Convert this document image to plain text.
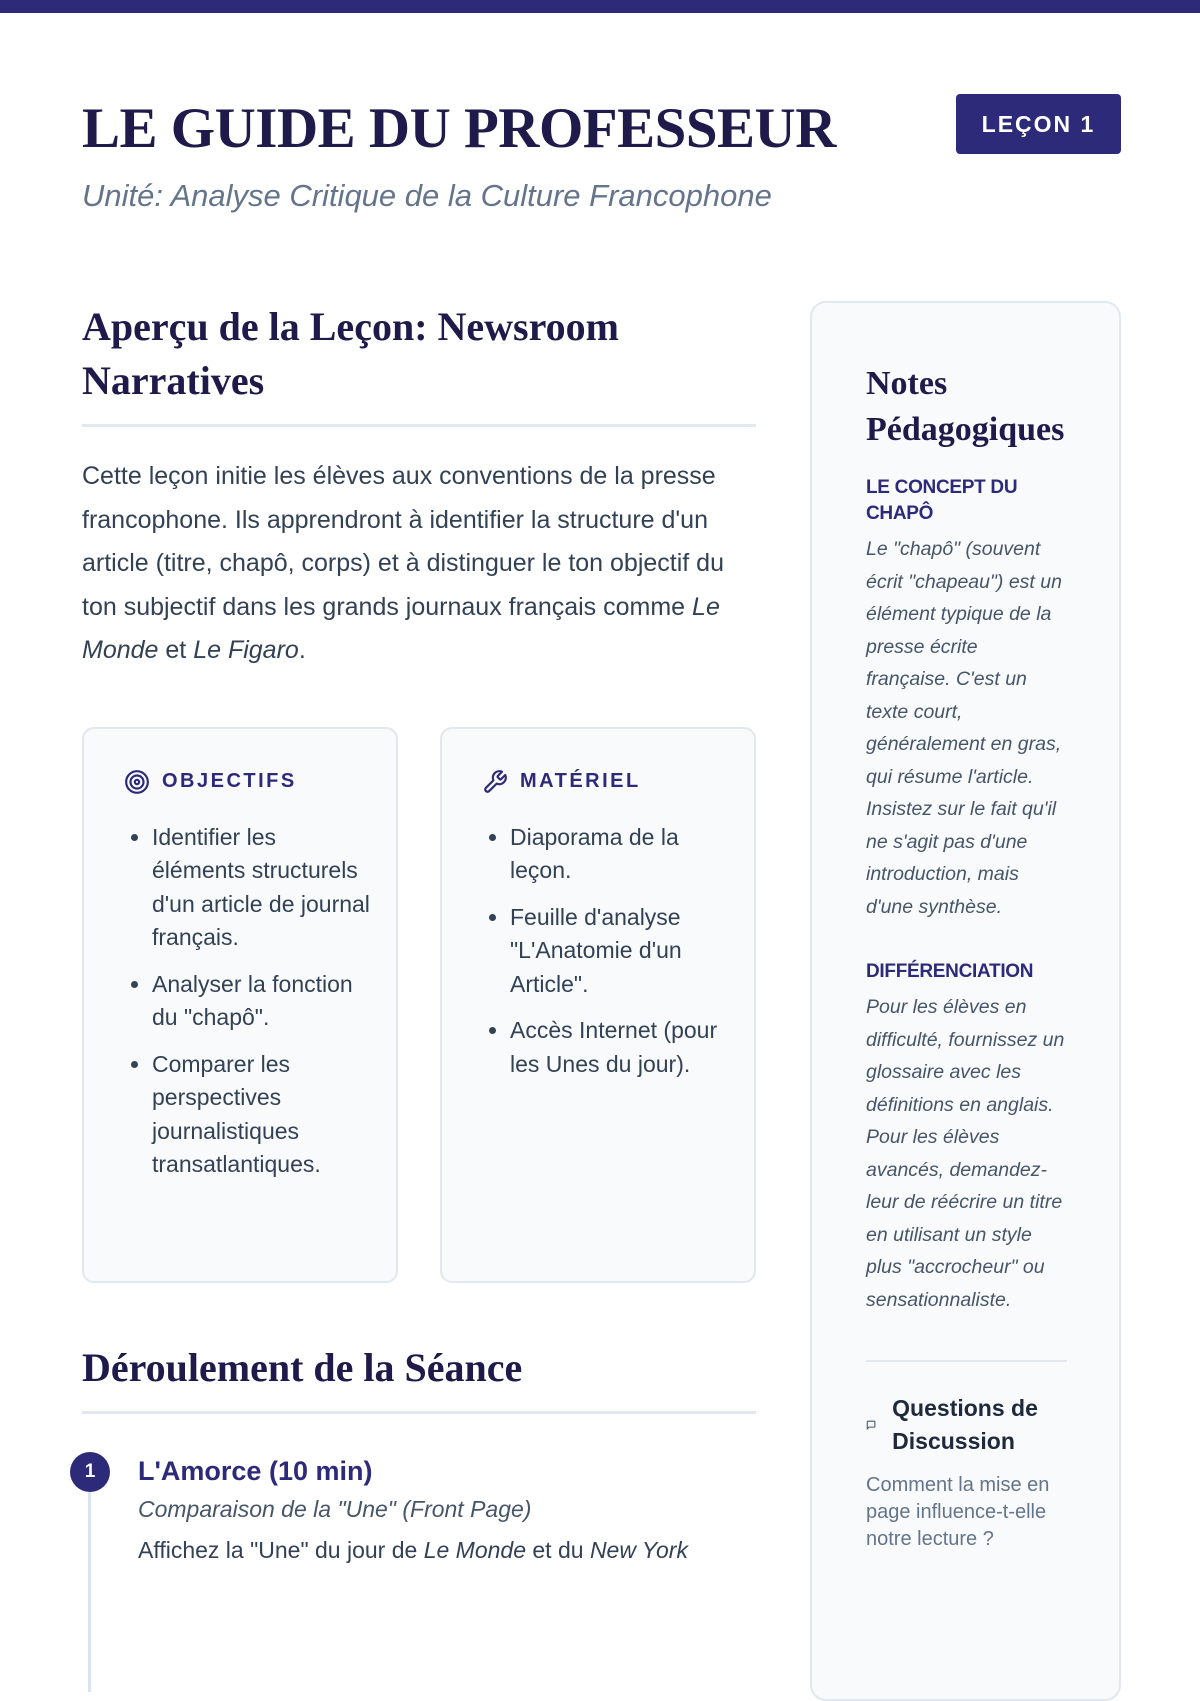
LE GUIDE DU PROFESSEUR	LEÇON 1
Unité: Analyse Critique de la Culture Francophone
Aperçu de la Leçon: Newsroom Narratives

Cette leçon initie les élèves aux conventions de la presse francophone. Ils apprendront à identifier la structure d'un article (titre, chapô, corps) et à distinguer le ton objectif du ton subjectif dans les grands journaux français comme Le Monde et Le Figaro.

OBJECTIFS
• Identifier les éléments structurels d'un article de journal français.
• Analyser la fonction du "chapô".
• Comparer les perspectives journalistiques transatlantiques.
MATÉRIEL
• Diaporama de la leçon.
• Feuille d'analyse "L'Anatomie d'un Article".
• Accès Internet (pour les Unes du jour).
Déroulement de la Séance
1	L'Amorce (10 min)
Comparaison de la "Une" (Front Page)
Affichez la "Une" du jour de Le Monde et du New York
Notes Pédagogiques
LE CONCEPT DU CHAPÔ
Le "chapô" (souvent écrit "chapeau") est un élément typique de la presse écrite française. C'est un texte court, généralement en gras, qui résume l'article. Insistez sur le fait qu'il ne s'agit pas d'une introduction, mais d'une synthèse.
DIFFÉRENCIATION
Pour les élèves en difficulté, fournissez un glossaire avec les définitions en anglais. Pour les élèves avancés, demandez-leur de réécrire un titre en utilisant un style plus "accrocheur" ou sensationnaliste.
Questions de Discussion
Comment la mise en page influence-t-elle notre lecture ?
